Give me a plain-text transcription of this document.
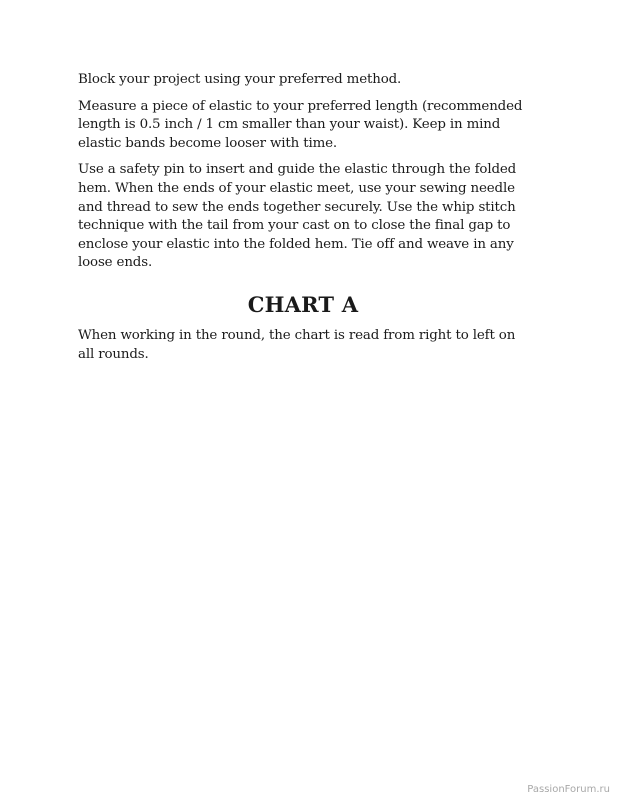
Block your project using your preferred method.

Measure a piece of elastic to your preferred length (recommended length is 0.5 inch / 1 cm smaller than your waist). Keep in mind elastic bands become looser with time.

Use a safety pin to insert and guide the elastic through the folded hem. When the ends of your elastic meet, use your sewing needle and thread to sew the ends together securely. Use the whip stitch technique with the tail from your cast on to close the final gap to enclose your elastic into the folded hem. Tie off and weave in any loose ends.

CHART A

When working in the round, the chart is read from right to left on all rounds.

PassionForum.ru
